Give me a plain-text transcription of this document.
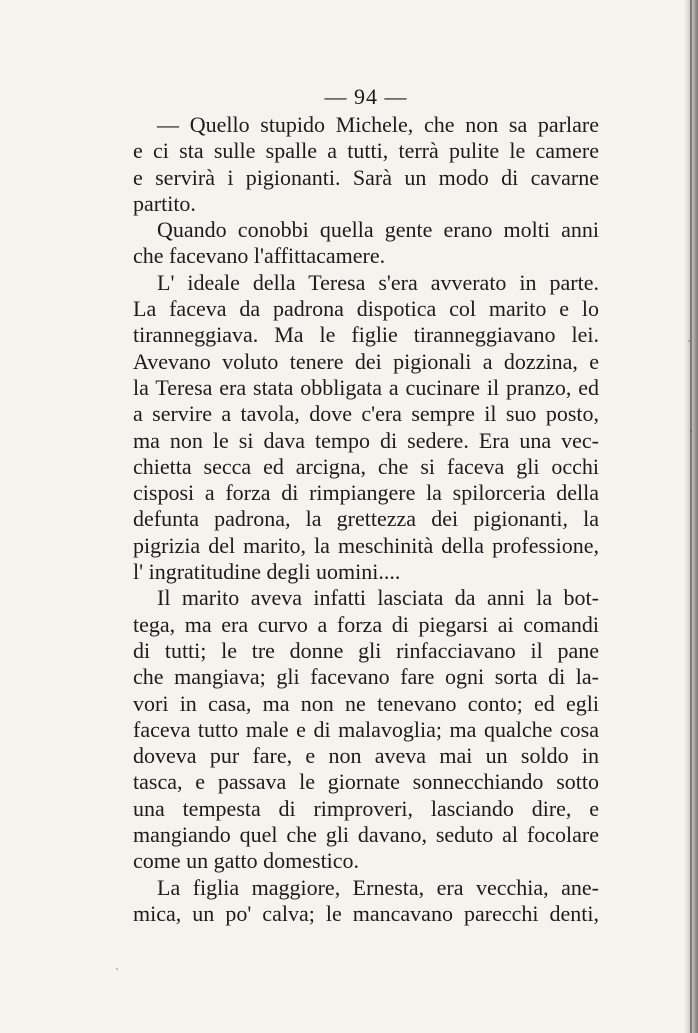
— 94 —
— Quello stupido Michele, che non sa parlare
e ci sta sulle spalle a tutti, terrà pulite le camere
e servirà i pigionanti. Sarà un modo di cavarne
partito.
Quando conobbi quella gente erano molti anni
che facevano l'affittacamere.
L' ideale della Teresa s'era avverato in parte.
La faceva da padrona dispotica col marito e lo
tiranneggiava. Ma le figlie tiranneggiavano lei.
Avevano voluto tenere dei pigionali a dozzina, e
la Teresa era stata obbligata a cucinare il pranzo, ed
a servire a tavola, dove c'era sempre il suo posto,
ma non le si dava tempo di sedere. Era una vec-
chietta secca ed arcigna, che si faceva gli occhi
cisposi a forza di rimpiangere la spilorceria della
defunta padrona, la grettezza dei pigionanti, la
pigrizia del marito, la meschinità della professione,
l' ingratitudine degli uomini....
Il marito aveva infatti lasciata da anni la bot-
tega, ma era curvo a forza di piegarsi ai comandi
di tutti; le tre donne gli rinfacciavano il pane
che mangiava; gli facevano fare ogni sorta di la-
vori in casa, ma non ne tenevano conto; ed egli
faceva tutto male e di malavoglia; ma qualche cosa
doveva pur fare, e non aveva mai un soldo in
tasca, e passava le giornate sonnecchiando sotto
una tempesta di rimproveri, lasciando dire, e
mangiando quel che gli davano, seduto al focolare
come un gatto domestico.
La figlia maggiore, Ernesta, era vecchia, ane-
mica, un po' calva; le mancavano parecchi denti,
